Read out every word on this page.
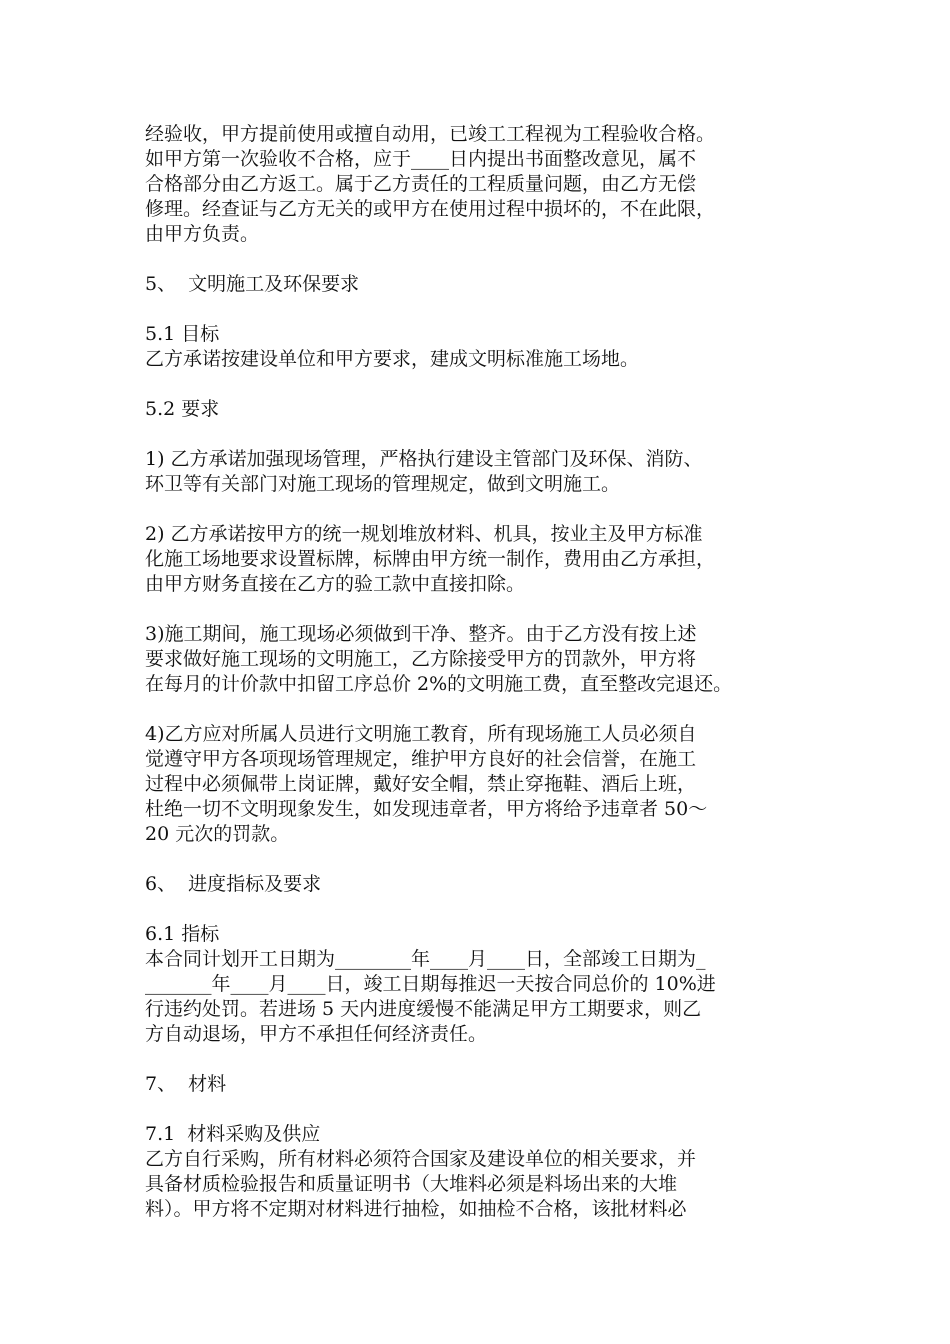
经验收，甲方提前使用或擅自动用，已竣工工程视为工程验收合格。
如甲方第一次验收不合格，应于____日内提出书面整改意见，属不
合格部分由乙方返工。属于乙方责任的工程质量问题，由乙方无偿
修理。经查证与乙方无关的或甲方在使用过程中损坏的，不在此限，
由甲方负责。
5、  文明施工及环保要求
5.1 目标
乙方承诺按建设单位和甲方要求，建成文明标准施工场地。
5.2 要求
1) 乙方承诺加强现场管理，严格执行建设主管部门及环保、消防、
环卫等有关部门对施工现场的管理规定，做到文明施工。
2) 乙方承诺按甲方的统一规划堆放材料、机具，按业主及甲方标准
化施工场地要求设置标牌，标牌由甲方统一制作，费用由乙方承担，
由甲方财务直接在乙方的验工款中直接扣除。
3)施工期间，施工现场必须做到干净、整齐。由于乙方没有按上述
要求做好施工现场的文明施工，乙方除接受甲方的罚款外，甲方将
在每月的计价款中扣留工序总价 2%的文明施工费，直至整改完退还。
4)乙方应对所属人员进行文明施工教育，所有现场施工人员必须自
觉遵守甲方各项现场管理规定，维护甲方良好的社会信誉，在施工
过程中必须佩带上岗证牌，戴好安全帽，禁止穿拖鞋、酒后上班，
杜绝一切不文明现象发生，如发现违章者，甲方将给予违章者 50～
20 元次的罚款。
6、  进度指标及要求
6.1 指标
本合同计划开工日期为________年____月____日，全部竣工日期为_
_______年____月____日，竣工日期每推迟一天按合同总价的 10%进
行违约处罚。若进场 5 天内进度缓慢不能满足甲方工期要求，则乙
方自动退场，甲方不承担任何经济责任。
7、  材料
7.1  材料采购及供应
乙方自行采购，所有材料必须符合国家及建设单位的相关要求，并
具备材质检验报告和质量证明书（大堆料必须是料场出来的大堆
料）。甲方将不定期对材料进行抽检，如抽检不合格，该批材料必
